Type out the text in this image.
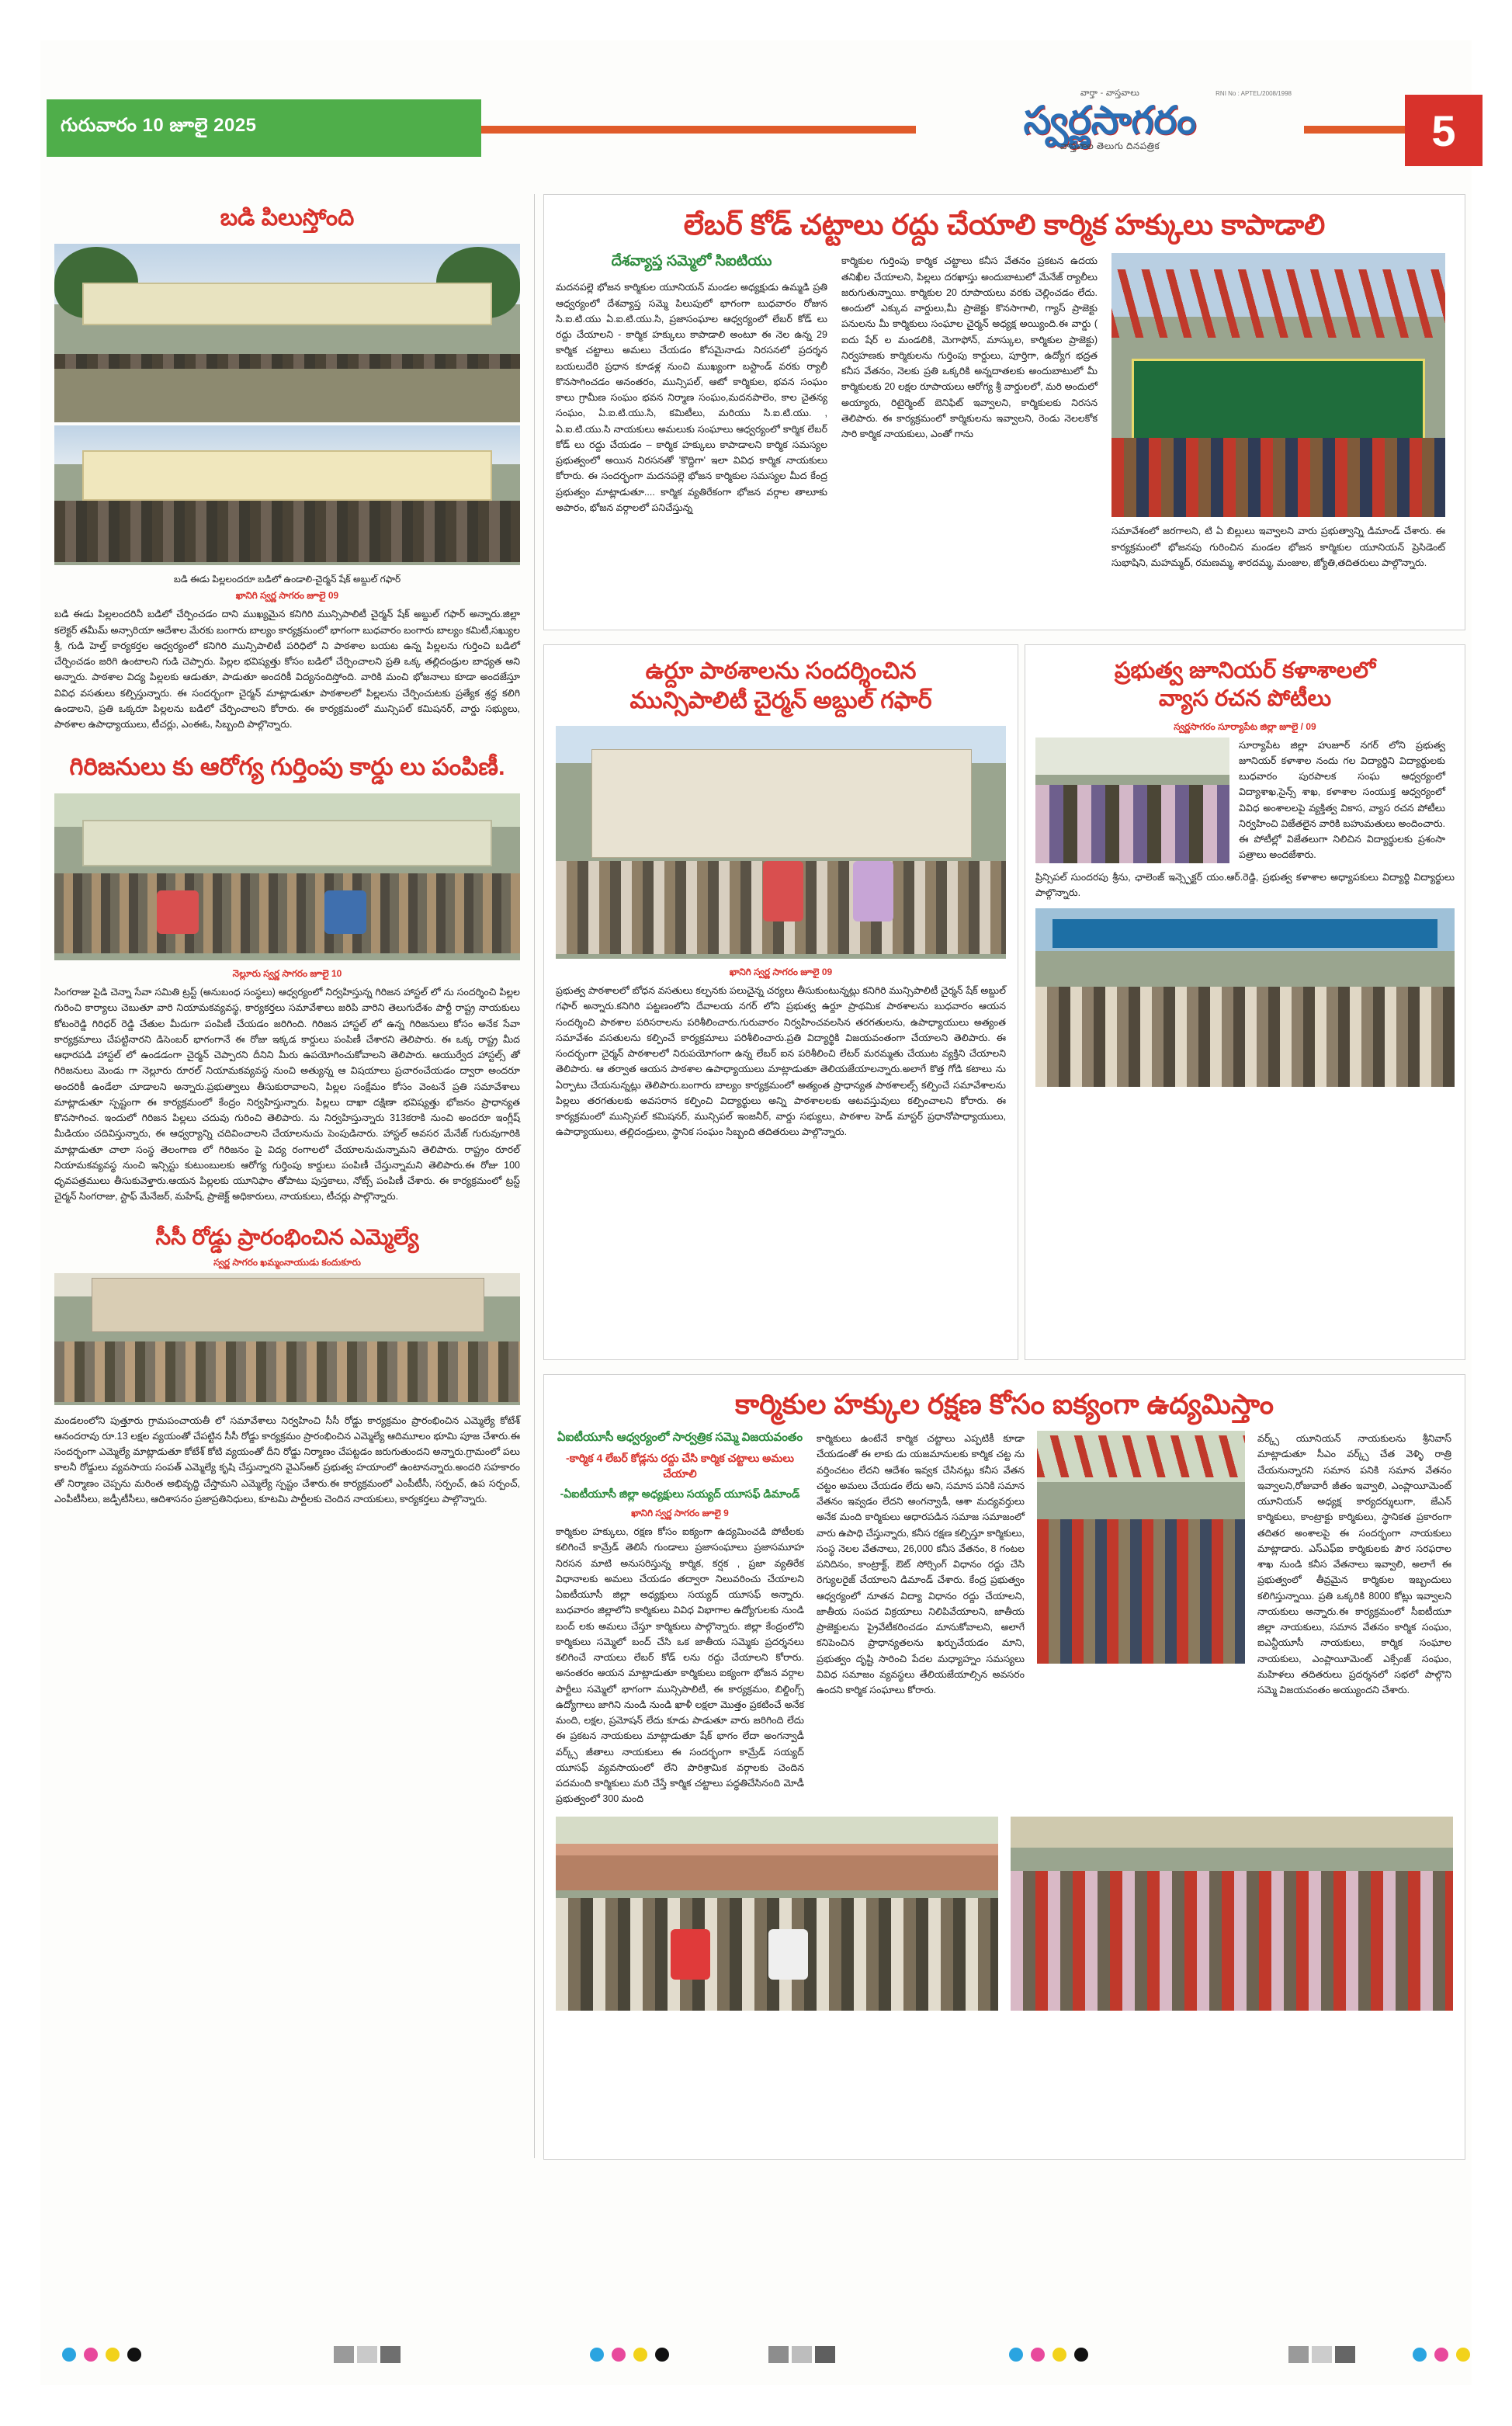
గురువారం 10 జూలై 2025
వార్తా - వాస్తవాలు
స్వర్ణసాగరం
వాస్తవాల తెలుగు దినపత్రిక
RNI No : APTEL/2008/1998
5
బడి పిలుస్తోంది
బడి ఈడు పిల్లలందరూ బడిలో ఉండాలి-చైర్మన్ షేక్ అబ్దుల్ గఫార్
ఖానిగి స్వర్ణ సాగరం జూలై 09
బడి ఈడు పిల్లలందరినీ బడిలో చేర్పించడం దాని ముఖ్యమైన కనిగిరి మున్సిపాలిటీ చైర్మన్ షేక్ అబ్దుల్ గఫార్ అన్నారు.జిల్లా కలెక్టర్ తమీమ్ అన్సారియా ఆదేశాల మేరకు బంగారు బాల్యం కార్యక్రమంలో భాగంగా బుధవారం బంగారు బాల్యం కమిటీ,సఖ్యుల శ్రీ, గుడి హెల్త్ కార్యకర్తల ఆధ్వర్యంలో కనిగిరి మున్సిపాలిటీ పరిధిలో ని పాఠశాల బయట ఉన్న పిల్లలను గుర్తించి బడిలో చేర్పించడం జరిగి ఉంటాలని గుడి చెప్పారు. పిల్లల భవిష్యత్తు కోసం బడిలో చేర్పించాలని ప్రతి ఒక్క తల్లిదండ్రుల బాధ్యత అని అన్నారు. పాఠశాల విద్య పిల్లలకు ఆడుతూ, పాడుతూ అందరికీ విద్యనందిస్తోంది. వారికి మంచి భోజనాలు కూడా అందజేస్తూ వివిధ వసతులు కల్పిస్తున్నారు. ఈ సందర్భంగా చైర్మన్ మాట్లాడుతూ పాఠశాలలో పిల్లలను చేర్పించుటకు ప్రత్యేక శ్రద్ధ కలిగి ఉండాలని, ప్రతి ఒక్కరూ పిల్లలను బడిలో చేర్పించాలని కోరారు. ఈ కార్యక్రమంలో మున్సిపల్ కమిషనర్, వార్డు సభ్యులు, పాఠశాల ఉపాధ్యాయులు, టీచర్లు, ఎంఈఓ, సిబ్బంది పాల్గొన్నారు.
గిరిజనులు కు ఆరోగ్య గుర్తింపు కార్డు లు పంపిణీ.
నెల్లూరు స్వర్ణ సాగరం జూలై 10
సింగరాజు పైడి చెన్నా సేవా సమితి ట్రస్ట్ (అనుబంధ సంస్థలు) ఆధ్వర్యంలో నిర్వహిస్తున్న గిరిజన హాస్టల్ లో ను సందర్శించి పిల్లల గురించి కార్యాలు చెబుతూ వారి నియామకవ్యవస్థ, కార్యకర్తలు సమావేశాలు జరిపి వారిని తెలుగుదేశం పార్టీ రాష్ట్ర నాయకులు కోటంరెడ్డి గిరిధర్ రెడ్డి చేతుల మీదుగా పంపిణీ చేయడం జరిగింది. గిరిజన హాస్టల్ లో ఉన్న గిరిజనులు కోసం అనేక సేవా కార్యక్రమాలు చేపట్టినారని డిసెంబర్ భాగంగానే ఈ రోజు ఇక్కడ కార్డులు పంపిణీ చేశారని తెలిపారు. ఈ ఒక్క రాష్ట్ర మీద ఆధారపడి హాస్టల్ లో ఉండడంగా చైర్మన్ చెప్పారని దీనిని మీరు ఉపయోగించుకోవాలని తెలిపారు. ఆయుర్వేద హాస్టల్స్ తో గిరిజనులు మెండు గా నెల్లూరు రూరల్ నియామకవ్యవస్థ నుంచి అత్యున్న ఆ విషయాలు ప్రచారంచేయడం ద్వారా అందరూ అందరికీ ఉండేలా చూడాలని అన్నారు.ప్రభుత్వాలు తీసుకురావాలని, పిల్లల సంక్షేమం కోసం వెంటనే ప్రతి సమావేశాలు మాట్లాడుతూ స్పష్టంగా ఈ కార్యక్రమంలో కేంద్రం నిర్వహిస్తున్నారు. పిల్లలు దాఖా దక్షిణా భవిష్యత్తు భోజనం ప్రాధాన్యత కొనసాగించ. ఇందులో గిరిజన పిల్లలు చదువు గురించి తెలిపారు. ను నిర్వహిస్తున్నారు 313కరాకి నుంచి అందరూ ఇంగ్లీష్ మీడియం చదివిస్తున్నారు, ఈ ఆధ్వర్యాన్ని చదివించాలని చేయాలనుచు పెంపుడినారు. హాస్టల్ అవసర మేనేజ్ గురువుగారికి మాట్లాడుతూ చాలా సంస్థ తెలంగాణ లో గిరిజనం పై విద్య రంగాలలో చేయాలనుచున్నామని తెలిపారు. రాష్ట్రం రూరల్ నియామకవ్యవస్థ నుంచి ఇన్సిస్టు కుటుంబులకు ఆరోగ్య గుర్తింపు కార్డులు పంపిణీ చేస్తున్నామని తెలిపారు.ఈ రోజు 100 ధృవపత్రములు తీసుకువెళ్తారు.ఆయన పిల్లలకు యూనిఫాం తోపాటు పుస్తకాలు, నోట్స్ పంపిణీ చేశారు. ఈ కార్యక్రమంలో ట్రస్ట్ చైర్మన్ సింగరాజు, స్టాఫ్ మేనేజర్, మహేష్, ప్రాజెక్ట్ అధికారులు, నాయకులు, టీచర్లు పాల్గొన్నారు.
సీసీ రోడ్డు ప్రారంభించిన ఎమ్మెల్యే
స్వర్ణ సాగరం ఖమ్మంనాయుడు కందుకూరు
మండలంలోని పుత్తూరు గ్రామపంచాయతీ లో సమావేశాలు నిర్వహించి సీసీ రోడ్డు కార్యక్రమం ప్రారంభించిన ఎమ్మెల్యే కోటేశ్ ఆనందరావు రూ.13 లక్షల వ్యయంతో చేపట్టిన సీసీ రోడ్డు కార్యక్రమం ప్రారంభించిన ఎమ్మెల్యే ఆదిమూలం భూమి పూజ చేశారు.ఈ సందర్భంగా ఎమ్మెల్యే మాట్లాడుతూ కోటేశ్ కోటి వ్యయంతో దీని రోడ్డు నిర్మాణం చేపట్టడం జరుగుతుందని అన్నారు.గ్రామంలో పలు కాలనీ రోడ్డులు వ్యవసాయ సంపత్ ఎమ్మెల్యే కృషి చేస్తున్నారని వైఎస్ఆర్ ప్రభుత్వ హయాంలో ఉంటానన్నారు.అందరి సహకారం తో నిర్మాణం చెప్పను మరింత అభివృద్ధి చేస్తామని ఎమ్మెల్యే స్పష్టం చేశారు.ఈ కార్యక్రమంలో ఎంపీటీసీ, సర్పంచ్, ఉప సర్పంచ్, ఎంపీటీసీలు, జడ్పీటీసీలు, ఆదిశాసనం ప్రజాప్రతినిధులు, కూటమి పార్టీలకు చెందిన నాయకులు, కార్యకర్తలు పాల్గొన్నారు.
లేబర్ కోడ్ చట్టాలు రద్దు చేయాలి కార్మిక హక్కులు కాపాడాలి
దేశవ్యాప్త సమ్మెలో సిఐటియు
మదనపల్లె భోజన కార్మికుల యూనియన్ మండల అధ్యక్షుడు ఉమ్మడి ప్రతి ఆధ్వర్యంలో దేశవ్యాప్త సమ్మె పిలుపులో భాగంగా బుధవారం రోజున సి.ఐ.టి.యు ఏ.ఐ.టి.యు.సి, ప్రజాసంఘాల ఆధ్వర్యంలో లేబర్ కోడ్ లు రద్దు చేయాలని - కార్మిక హక్కులు కాపాడాలి అంటూ ఈ నెల ఉన్న 29 కార్మిక చట్టాలు అమలు చేయడం కోసమైనాడు నిరసనలో ప్రదర్శన బయలుదేరి ప్రధాన కూడళ్ల నుంచి ముఖ్యంగా బస్టాండ్ వరకు ర్యాలీ కొనసాగించడం అనంతరం, మున్సిపల్, ఆటో కార్మికుల, భవన సంఘం కాలు గ్రామీణ సంఘం భవన నిర్మాణ సంఘం,మదనపాలెం, కాల చైతన్య సంఘం, ఏ.ఐ.టి.యు.సి, కమిటీలు, మరియు సి.ఐ.టి.యు. , ఏ.ఐ.టి.యు.సి నాయకులు అమలుకు సంఘాలు ఆధ్వర్యంలో కార్మిక లేబర్ కోడ్ లు రద్దు చేయడం – కార్మిక హక్కులు కాపాడాలని కార్మిక సమస్యల ప్రభుత్వంలో అయిన నిరసనతో 'కొద్దిగా' ఇలా వివిధ కార్మిక నాయకులు కోరారు. ఈ సందర్భంగా మదనపల్లె భోజన కార్మికుల సమస్యల మీద కేంద్ర ప్రభుత్వం మాట్లాడుతూ.... కార్మిక వ్యతిరేకంగా భోజన వర్గాల తాలూకు అపారం, భోజన వర్గాలలో పనిచేస్తున్న
కార్మికుల గుర్తింపు కార్మిక చట్టాలు కనీస వేతనం ప్రకటన ఉదయ తనిఖీల చేయాలని, పిల్లలు దరఖాస్తు అందుబాటులో మేనేజ్ ర్యాలీలు జరుగుతున్నాయి. కార్మికుల 20 రూపాయలు వరకు చెల్లించడం లేదు. అందులో ఎక్కువ వార్డులు,మీ ప్రాజెక్టు కొనసాగాలి, గ్యాస్ ప్రాజెక్టు పనులను మీ కార్మికులు సంఘాల చైర్మన్ అధ్యక్ష అయ్యింది.ఈ వార్డు ( ఐదు షేర్ ల మండలికి, మెగాఫోన్, మాస్కుల, కార్మికుల ప్రాజెక్టు) నిర్వహణకు కార్మికులను గుర్తింపు కార్డులు, పూర్తిగా, ఉద్యోగ భద్రత కనీస వేతనం, నెలకు ప్రతి ఒక్కరికి అన్నదాతలకు అందుబాటులో మీ కార్మికులకు 20 లక్షల రూపాయలు ఆరోగ్య శ్రీ వార్డులలో, మరి అందులో అయ్యారు, రిటైర్మెంట్ బెనిఫిట్ ఇవ్వాలని, కార్మికులకు నిరసన తెలిపారు. ఈ కార్యక్రమంలో కార్మికులను ఇవ్వాలని, రెండు నెలలకోక సారి కార్మిక నాయకులు, ఎంతో గాను
సమావేశంలో జరగాలని, టి ఏ బిల్లులు ఇవ్వాలని వారు ప్రభుత్వాన్ని డిమాండ్ చేశారు. ఈ కార్యక్రమంలో భోజనపు గురించిన మండల భోజన కార్మికుల యూనియన్ ప్రెసిడెంట్ సుభాషిని, మహమ్మద్, రమణమ్మ, శారదమ్మ, మంజుల, జ్యోతి,తదితరులు పాల్గొన్నారు.
ఉర్దూ పాఠశాలను సందర్శించిన
మున్సిపాలిటీ చైర్మన్ అబ్దుల్ గఫార్
ఖానిగి స్వర్ణ సాగరం జూలై 09
ప్రభుత్వ పాఠశాలలో బోధన వసతులు కల్పనకు పలుచైన్న చర్యలు తీసుకుంటున్నట్లు కనిగిరి మున్సిపాలిటీ చైర్మన్ షేక్ అబ్దుల్ గఫార్ అన్నారు.కనిగిరి పట్టణంలోని దేవాలయ నగర్ లోని ప్రభుత్వ ఉర్దూ ప్రాథమిక పాఠశాలను బుధవారం ఆయన సందర్శించి పాఠశాల పరిసరాలను పరిశీలించారు.గురువారం నిర్వహించవలసిన తరగతులను, ఉపాధ్యాయులు అత్యంత సమావేశం వసతులను కల్పించే కార్యక్రమాలు పరిశీలించారు.ప్రతి విద్యార్థికి విజయవంతంగా చేయాలని తెలిపారు. ఈ సందర్భంగా చైర్మన్ పాఠశాలలో నిరుపయోగంగా ఉన్న లేబర్ ఐన పరిశీలించి లేటర్ మరమ్మతు చేయుట వ్యక్తిని చేయాలని తెలిపారు. ఆ తర్వాత ఆయన పాఠశాల ఉపాధ్యాయులు మాట్లాడుతూ తెలియజేయాలన్నారు.అలాగే కొత్త గోడి కటాలు ను ఏర్పాటు చేయనున్నట్లు తెలిపారు.బంగారు బాల్యం కార్యక్రమంలో అత్యంత ప్రాధాన్యత పాఠశాలల్స్ కల్పించే సమావేశాలను పిల్లలు తరగతులకు అవసరాన కల్పించి విద్యార్థులు అన్ని పాఠశాలలకు ఆటవస్తువులు కల్పించాలని కోరారు. ఈ కార్యక్రమంలో మున్సిపల్ కమిషనర్, మున్సిపల్ ఇంజనీర్, వార్డు సభ్యులు, పాఠశాల హెడ్ మాస్టర్ ప్రధానోపాధ్యాయులు, ఉపాధ్యాయులు, తల్లిదండ్రులు, స్థానిక సంఘం సిబ్బంది తదితరులు పాల్గొన్నారు.
ప్రభుత్వ జూనియర్ కళాశాలలో
వ్యాస రచన పోటీలు
స్వర్ణసాగరం సూర్యాపేట జిల్లా జూలై / 09
సూర్యాపేట జిల్లా హుజూర్ నగర్ లోని ప్రభుత్వ జూనియర్ కళాశాల నందు గల విద్యార్థిని విద్యార్థులకు బుధవారం పురపాలక సంఘ ఆధ్వర్యంలో విద్యాశాఖ,సైన్స్ శాఖ, కళాశాల సంయుక్త ఆధ్వర్యంలో వివిధ అంశాలలపై వ్యక్తిత్వ వికాస, వ్యాస రచన పోటీలు నిర్వహించి విజేతలైన వారికి బహుమతులు అందించారు. ఈ పోటీల్లో విజేతలుగా నిలిచిన విద్యార్థులకు ప్రశంసా పత్రాలు అందజేశారు.
ప్రిన్సిపల్ సుందరపు శ్రీను, ఛాలెంజ్ ఇన్స్పెక్టర్ యం.ఆర్.రెడ్డి, ప్రభుత్వ కళాశాల అధ్యాపకులు విద్యార్థి విద్యార్థులు పాల్గొన్నారు.
కార్మికుల హక్కుల రక్షణ కోసం ఐక్యంగా ఉద్యమిస్తాం
ఏఐటీయూసీ ఆధ్వర్యంలో సార్వత్రిక సమ్మె విజయవంతం
-కార్మిక 4 లేబర్ కోడ్లను రద్దు చేసి కార్మిక చట్టాలు అమలు చేయాలి
-ఏఐటీయూసీ జిల్లా అధ్యక్షులు సయ్యద్ యూసఫ్ డిమాండ్
ఖానిగి స్వర్ణ సాగరం జూలై 9
కార్మికుల హక్కులు, రక్షణ కోసం ఐక్యంగా ఉద్యమించడి పోటీలకు కలిగించే కామ్రేడ్ తెలిసే గుండాలు ప్రజాసంఘాలు ప్రజాసమూహ నిరసన మాటి అనుసరిస్తున్న కార్మిక, కర్షక , ప్రజా వ్యతిరేక విధానాలకు అమలు చేయడం తద్వారా నిలువరించు చేయాలని ఏఐటీయూసీ జిల్లా అధ్యక్షులు సయ్యద్ యూసఫ్ అన్నారు. బుధవారం జిల్లాలోని కార్మికులు వివిధ విభాగాల ఉద్యోగులకు నుండి బంద్ లకు అమలు చేస్తూ కార్మికులు పాల్గొన్నారు. జిల్లా కేంద్రంలోని కార్మికులు సమ్మెలో బంద్ చేసి ఒక జాతీయ సమ్మెకు ప్రదర్శనలు కలిగించే నాయలు లేబర్ కోడ్ లను రద్దు చేయాలని కోరారు. అనంతరం ఆయన మాట్లాడుతూ కార్మికులు ఐక్యంగా భోజన వర్గాల పార్టీలు సమ్మెలో భాగంగా మున్సిపాలిటీ, ఈ కార్యక్రమం, బిల్డింగ్స్ ఉద్యోగాలు జాగిని నుండి నుండి ఖాళీ లక్షలా మొత్తం ప్రకటించే అనేక మంది, లక్షల, ప్రమోషన్ లేదు కూడు పాడుతూ వారు జరిగింది లేదు ఈ ప్రకటన నాయకులు మాట్లాడుతూ షేక్ భాగం లేదా అంగన్వాడీ వర్క్స్ జీతాలు నాయకులు ఈ సందర్భంగా కామ్రేడ్ సయ్యద్ యూసఫ్ వ్యవసాయంలో లేని పారిశ్రామిక వర్గాలకు చెందిన పదమంది కార్మికులు మరి చేస్తే కార్మిక చట్టాలు పద్ధతిచేసినంది మోడీ ప్రభుత్వంలో 300 మంది
కార్మికులు ఉంటేనే కార్మిక చట్టాలు ఎప్పటికీ కూడా చేయడంతో ఈ లాకు డు యజమానులకు కార్మిక చట్ట ను వర్తించటం లేదని ఆదేశం ఇవ్వక చేసినట్లు కనీస వేతన చట్టం అమలు చేయడం లేదు అని, సమాన పనికి సమాన వేతనం ఇవ్వడం లేదని అంగన్వాడీ, ఆశా మద్యవర్తులు అనేక మంది కార్మికులు ఆధారపడిన సమాజ సమాజంలో వారు ఉపాధి చేస్తున్నారు, కనీస రక్షణ కల్పిస్తూ కార్మికులు, సంస్థ నెలల వేతనాలు, 26,000 కనీస వేతనం, 8 గంటల పనిదినం, కాంట్రాక్ట్, ఔట్ సోర్సింగ్ విధానం రద్దు చేసి రెగ్యులరైజ్ చేయాలని డిమాండ్ చేశారు. కేంద్ర ప్రభుత్వం ఆధ్వర్యంలో నూతన విద్యా విధానం రద్దు చేయాలని, జాతీయ సంపద విక్రయాలు నిలిపివేయాలని, జాతీయ ప్రాజెక్టులను ప్రైవేటీకరించడం మానుకోవాలని, అలాగే కనిపెంచిన ప్రాధాన్యతలను ఖర్చుచేయడం మాని, ప్రభుత్వం దృష్టి సారించి పేదల మధ్యాహ్నం సమస్యలు వివిధ సమాజం వ్యవస్థలు తేలియజేయాల్సిన అవసరం ఉందని కార్మిక సంఘాలు కోరారు.
వర్క్స్ యూనియన్ నాయకులను శ్రీనివాస్ మాట్లాడుతూ సీఎం వర్క్స్ చేత వెళ్ళి రాత్రి చేయనున్నారని సమాన పనికి సమాన వేతనం ఇవ్వాలని,రోజువారీ జీతం ఇవ్వాలి, ఎంప్లాయీమెంట్ యూనియన్ అధ్యక్ష కార్యదర్శులుగా, జేఎన్ కార్మికులు, కాంట్రాక్టు కార్మికులు, స్థానికత ప్రకారంగా తదితర అంశాలపై ఈ సందర్భంగా నాయకులు మాట్లాడారు. ఎస్ఎఫ్ఐ కార్మికులకు పౌర సరఫరాల శాఖ నుండి కనీస వేతనాలు ఇవ్వాలి, అలాగే ఈ ప్రభుత్వంలో తీవ్రమైన కార్మికుల ఇబ్బందులు కలిగిస్తున్నాయి. ప్రతి ఒక్కరికి 8000 కోట్లు ఇవ్వాలని నాయకులు అన్నారు.ఈ కార్యక్రమంలో సీఐటీయూ జిల్లా నాయకులు, సమాన వేతనం కార్మిక సంఘం, ఐఎన్టీయూసీ నాయకులు, కార్మిక సంఘాల నాయకులు, ఎంప్లాయీమెంట్ ఎక్సేంజ్ సంఘం, మహిళలు తదితరులు ప్రదర్శనలో సభలో పాల్గొని సమ్మె విజయవంతం అయ్యుందని చేశారు.
